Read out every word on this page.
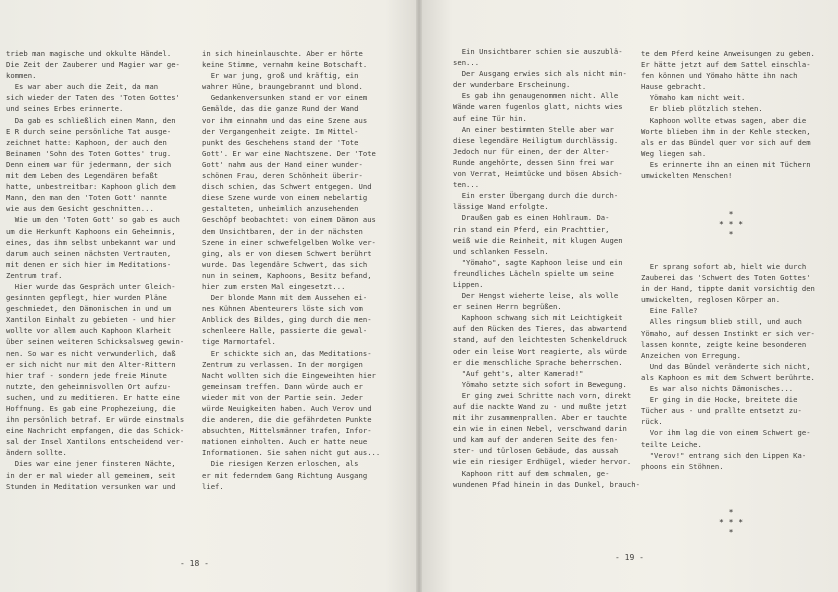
trieb man magische und okkulte Händel.
Die Zeit der Zauberer und Magier war ge-
kommen.
Es war aber auch die Zeit, da man
sich wieder der Taten des 'Toten Gottes'
und seines Erbes erinnerte.
Da gab es schließlich einen Mann, den
E R durch seine persönliche Tat ausge-
zeichnet hatte: Kaphoon, der auch den
Beinamen 'Sohn des Toten Gottes' trug.
Denn einem war für jedermann, der sich
mit dem Leben des Legendären befaßt
hatte, unbestreitbar: Kaphoon glich dem
Mann, den man den 'Toten Gott' nannte
wie aus dem Gesicht geschnitten...
Wie um den 'Toten Gott' so gab es auch
um die Herkunft Kaphoons ein Geheimnis,
eines, das ihm selbst unbekannt war und
darum auch seinen nächsten Vertrauten,
mit denen er sich hier im Meditations-
Zentrum traf.
Hier wurde das Gespräch unter Gleich-
gesinnten gepflegt, hier wurden Pläne
geschmiedet, den Dämonischen in und um
Xantilon Einhalt zu gebieten - und hier
wollte vor allem auch Kaphoon Klarheit
über seinen weiteren Schicksalsweg gewin-
nen. So war es nicht verwunderlich, daß
er sich nicht nur mit den Alter-Rittern
hier traf - sondern jede freie Minute
nutzte, den geheimnisvollen Ort aufzu-
suchen, und zu meditieren. Er hatte eine
Hoffnung. Es gab eine Prophezeiung, die
ihn persönlich betraf. Er würde einstmals
eine Nachricht empfangen, die das Schick-
sal der Insel Xantilons entscheidend ver-
ändern sollte.
Dies war eine jener finsteren Nächte,
in der er mal wieder all gemeinem, seit
Stunden in Meditation versunken war und
in sich hineinlauschte. Aber er hörte
keine Stimme, vernahm keine Botschaft.
Er war jung, groß und kräftig, ein
wahrer Hüne, braungebrannt und blond.
Gedankenversunken stand er vor einem
Gemälde, das die ganze Rund der Wand
vor ihm einnahm und das eine Szene aus
der Vergangenheit zeigte. Im Mittel-
punkt des Geschehens stand der 'Tote
Gott'. Er war eine Nachtszene. Der 'Tote
Gott' nahm aus der Hand einer wunder-
schönen Frau, deren Schönheit überir-
disch schien, das Schwert entgegen. Und
diese Szene wurde von einem nebelartig
gestalteten, unheimlich anzusehenden
Geschöpf beobachtet: von einem Dämon aus
dem Unsichtbaren, der in der nächsten
Szene in einer schwefelgelben Wolke ver-
ging, als er von diesem Schwert berührt
wurde. Das legendäre Schwert, das sich
nun in seinem, Kaphoons, Besitz befand,
hier zum ersten Mal eingesetzt...
Der blonde Mann mit dem Aussehen ei-
nes Kühnen Abenteurers löste sich vom
Anblick des Bildes, ging durch die men-
schenleere Halle, passierte die gewal-
tige Marmortafel.
Er schickte sich an, das Meditations-
Zentrum zu verlassen. In der morgigen
Nacht wollten sich die Eingeweihten hier
gemeinsam treffen. Dann würde auch er
wieder mit von der Partie sein. Jeder
würde Neuigkeiten haben. Auch Verov und
die anderen, die die gefährdeten Punkte
absuchten, Mittelsmänner trafen, Infor-
mationen einholten. Auch er hatte neue
Informationen. Sie sahen nicht gut aus...
Die riesigen Kerzen erloschen, als
er mit federndem Gang Richtung Ausgang
lief.
- 18 -
Ein Unsichtbarer schien sie auszublä-
sen...
Der Ausgang erwies sich als nicht min-
der wunderbare Erscheinung.
Es gab ihn genaugenommen nicht. Alle
Wände waren fugenlos glatt, nichts wies
auf eine Tür hin.
An einer bestimmten Stelle aber war
diese legendäre Heiligtum durchlässig.
Jedoch nur für einen, der der Alter-
Runde angehörte, dessen Sinn frei war
von Verrat, Heimtücke und bösen Absich-
ten...
Ein erster Übergang durch die durch-
lässige Wand erfolgte.
Draußen gab es einen Hohlraum. Da-
rin stand ein Pferd, ein Prachttier,
weiß wie die Reinheit, mit klugen Augen
und schlanken Fesseln.
"Yömaho", sagte Kaphoon leise und ein
freundliches Lächeln spielte um seine
Lippen.
Der Hengst wieherte leise, als wolle
er seinen Herrn begrüßen.
Kaphoon schwang sich mit Leichtigkeit
auf den Rücken des Tieres, das abwartend
stand, auf den leichtesten Schenkeldruck
oder ein leise Wort reagierte, als würde
er die menschliche Sprache beherrschen.
"Auf geht's, alter Kamerad!"
Yömaho setzte sich sofort in Bewegung.
Er ging zwei Schritte nach vorn, direkt
auf die nackte Wand zu - und mußte jetzt
mit ihr zusammenprallen. Aber er tauchte
ein wie in einen Nebel, verschwand darin
und kam auf der anderen Seite des fen-
ster- und türlosen Gebäude, das aussah
wie ein riesiger Erdhügel, wieder hervor.
Kaphoon ritt auf dem schmalen, ge-
wundenen Pfad hinein in das Dunkel, brauch-
te dem Pferd keine Anweisungen zu geben.
Er hätte jetzt auf dem Sattel einschla-
fen können und Yömaho hätte ihn nach
Hause gebracht.
Yömaho kam nicht weit.
Er blieb plötzlich stehen.
Kaphoon wollte etwas sagen, aber die
Worte blieben ihm in der Kehle stecken,
als er das Bündel quer vor sich auf dem
Weg liegen sah.
Es erinnerte ihn an einen mit Tüchern
umwickelten Menschen!
*
* * *
*
Er sprang sofort ab, hielt wie durch
Zauberei das 'Schwert des Toten Gottes'
in der Hand, tippte damit vorsichtig den
umwickelten, reglosen Körper an.
Eine Falle?
Alles ringsum blieb still, und auch
Yömaho, auf dessen Instinkt er sich ver-
lassen konnte, zeigte keine besonderen
Anzeichen von Erregung.
Und das Bündel veränderte sich nicht,
als Kaphoon es mit dem Schwert berührte.
Es war also nichts Dämonisches...
Er ging in die Hocke, breitete die
Tücher aus - und prallte entsetzt zu-
rück.
Vor ihm lag die von einem Schwert ge-
teilte Leiche.
"Verov!" entrang sich den Lippen Ka-
phoons ein Stöhnen.
*
* * *
*
- 19 -
